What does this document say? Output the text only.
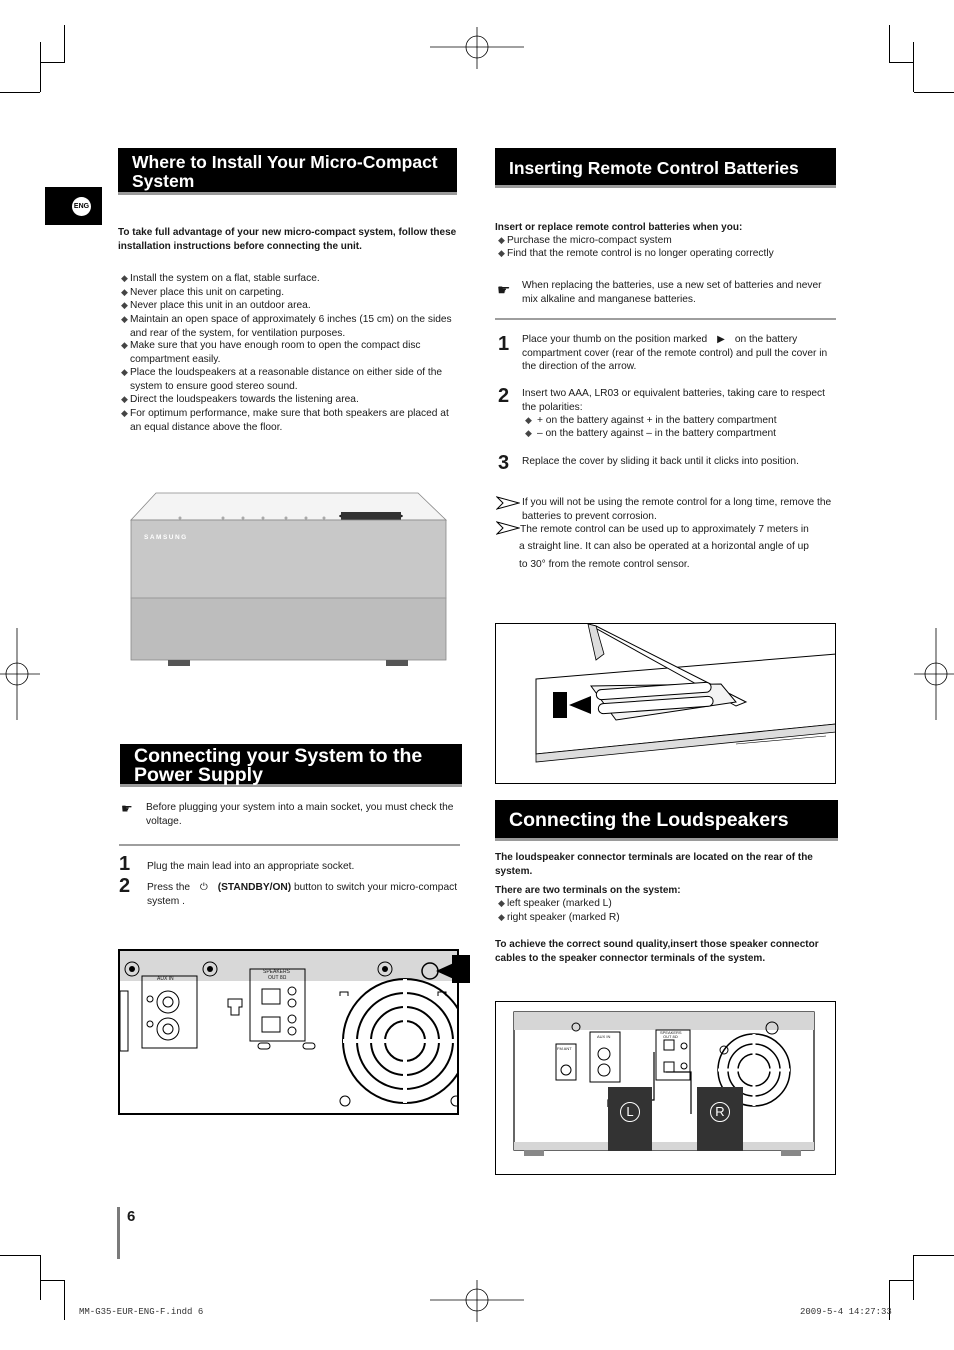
ENG
Where to Install Your Micro-Compact System
To take full advantage of your new micro-compact system, follow these installation instructions before connecting the unit.
◆ Install the system on a flat, stable surface.
◆ Never place this unit on carpeting.
◆ Never place this unit in an outdoor area.
◆ Maintain an open space of approximately 6 inches (15 cm) on the sides and rear of the system, for ventilation purposes.
◆ Make sure that you have enough room to open the compact disc compartment easily.
◆ Place the loudspeakers at a reasonable distance on either side of the system to ensure good stereo sound.
◆ Direct the loudspeakers towards the listening area.
◆ For optimum performance, make sure that both speakers are placed at an equal distance above the floor.
SAMSUNG
Connecting your System to the Power Supply
☛ Before plugging your system into a main socket, you must check the voltage.
1 Plug the main lead into an appropriate socket.
2 Press the ⏻ (STANDBY/ON) button to switch your micro-compact system .
AUX IN
SPEAKERS
OUT 8Ω
Inserting Remote Control Batteries
Insert or replace remote control batteries when you:
◆ Purchase the micro-compact system
◆ Find that the remote control is no longer operating correctly
☛ When replacing the batteries, use a new set of batteries and never mix alkaline and manganese batteries.
1 Place your thumb on the position marked ▶ on the battery compartment cover (rear of the remote control) and pull the cover in the direction of the arrow.
2 Insert two AAA, LR03 or equivalent batteries, taking care to respect the polarities:
◆ + on the battery against + in the battery compartment
◆ – on the battery against – in the battery compartment
3 Replace the cover by sliding it back until it clicks into position.
If you will not be using the remote control for a long time, remove the batteries to prevent corrosion.
The remote control can be used up to approximately 7 meters in
a straight line. It can also be operated at a horizontal angle of up
to 30° from the remote control sensor.
Connecting the Loudspeakers
The loudspeaker connector terminals are located on the rear of the system.
There are two terminals on the system:
◆ left speaker (marked L)
◆ right speaker (marked R)
To achieve the correct sound quality,insert those speaker connector cables to the speaker connector terminals of the system.
L	R
FM ANT
AUX IN
SPEAKERS
OUT 8Ω
6
MM-G35-EUR-ENG-F.indd 6	2009-5-4 14:27:33
